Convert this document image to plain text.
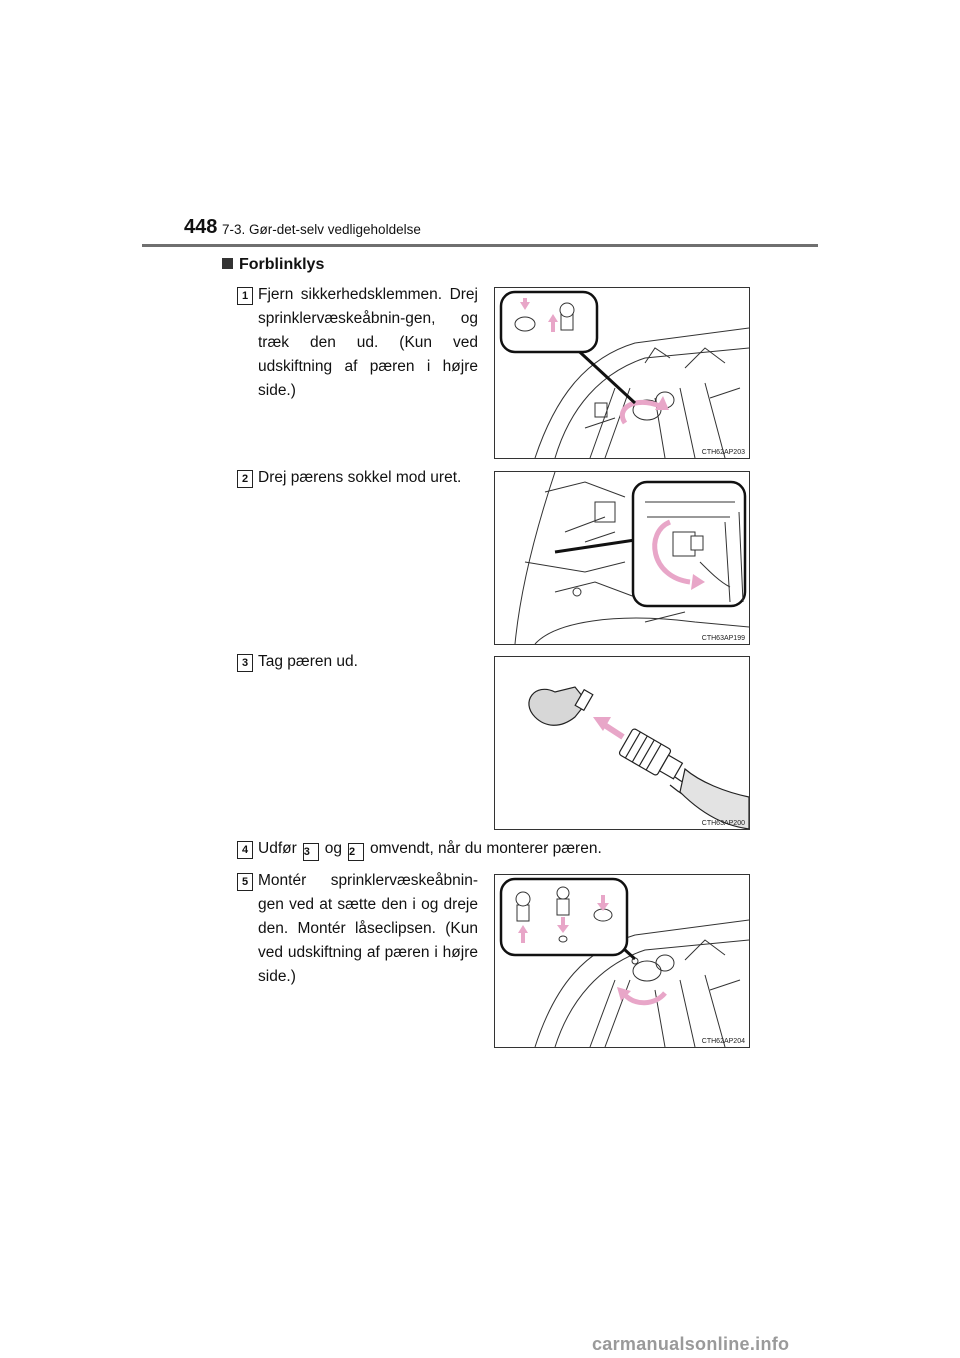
448 7-3. Gør-det-selv vedligeholdelse
Forblinklys
1 Fjern sikkerhedsklemmen. Drej sprinklervæskeåbnin-gen, og træk den ud. (Kun ved udskiftning af pæren i højre side.)
CTH62AP203
2 Drej pærens sokkel mod uret.
CTH63AP199
3 Tag pæren ud.
CTH63AP200
4 Udfør 3 og 2 omvendt, når du monterer pæren.
5 Montér sprinklervæskeåbnin-gen ved at sætte den i og dreje den. Montér låseclipsen. (Kun ved udskiftning af pæren i højre side.)
CTH62AP204
carmanualsonline.info
